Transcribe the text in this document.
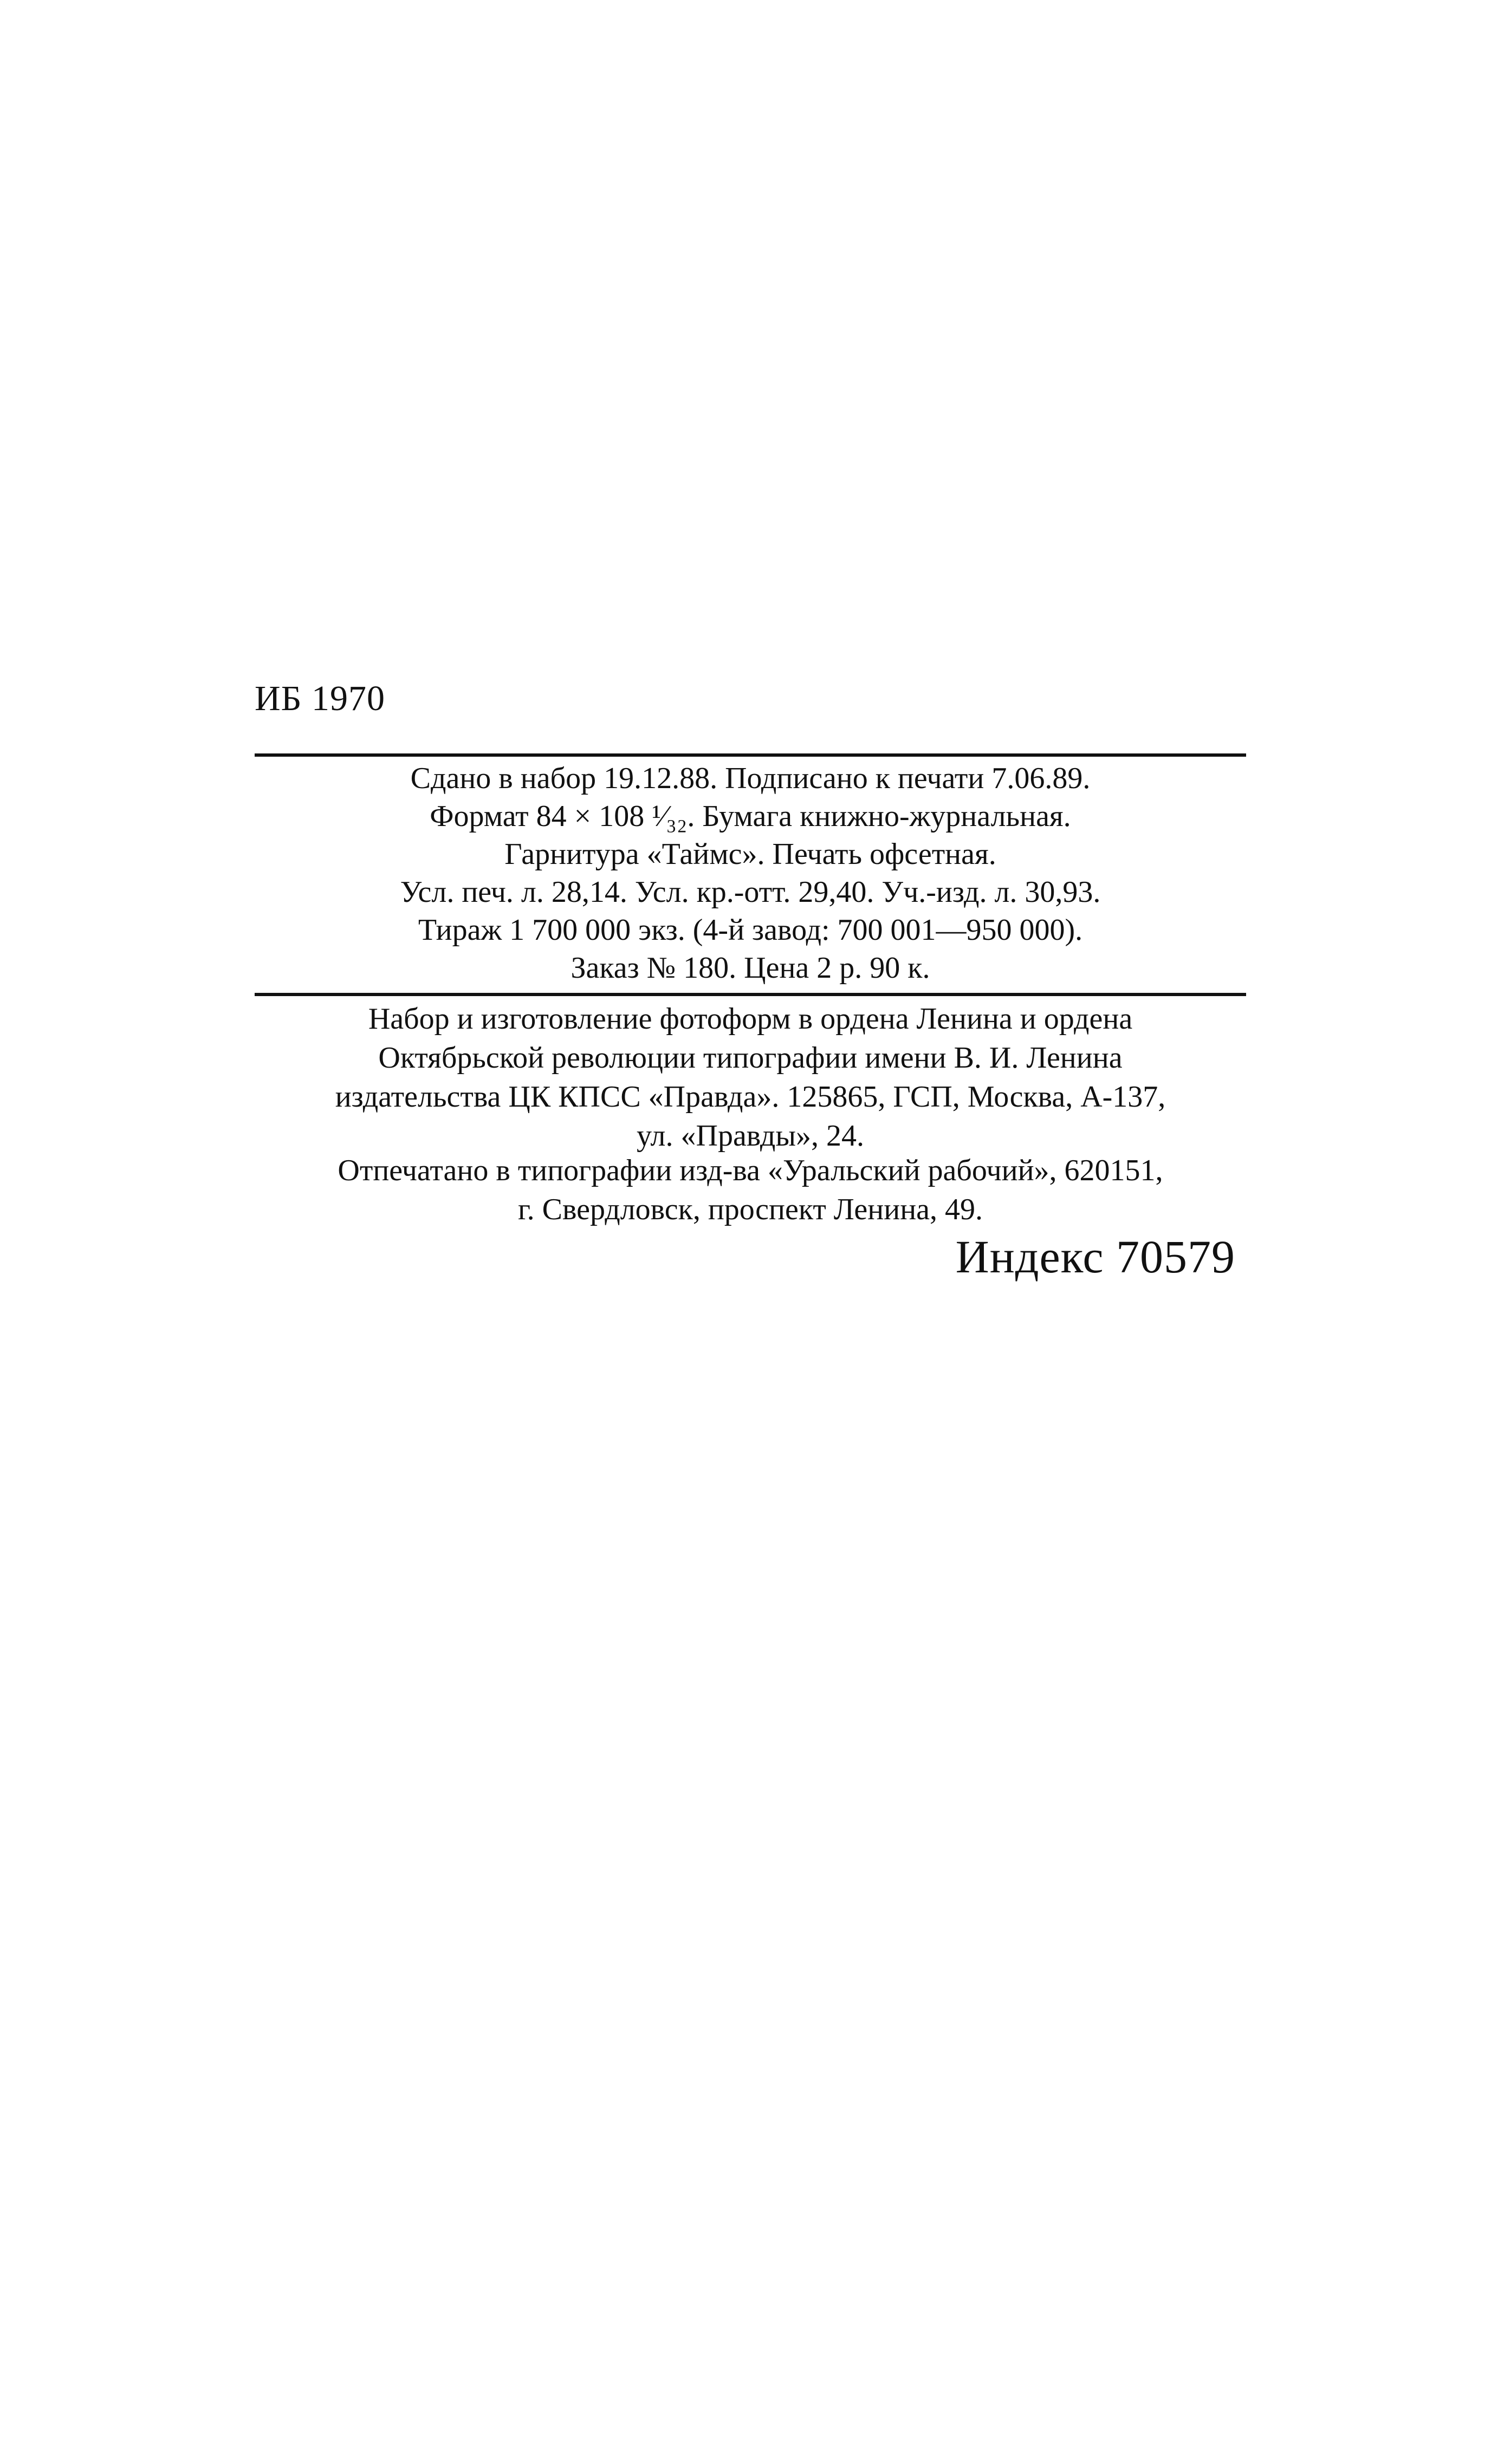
ИБ 1970
Сдано в набор 19.12.88. Подписано к печати 7.06.89.
Формат 84 × 108 ¹⁄₃₂. Бумага книжно-журнальная.
Гарнитура «Таймс». Печать офсетная.
Усл. печ. л. 28,14. Усл. кр.-отт. 29,40. Уч.-изд. л. 30,93.
Тираж 1 700 000 экз. (4-й завод: 700 001—950 000).
Заказ № 180. Цена 2 р. 90 к.
Набор и изготовление фотоформ в ордена Ленина и ордена
Октябрьской революции типографии имени В. И. Ленина
издательства ЦК КПСС «Правда». 125865, ГСП, Москва, А-137,
ул. «Правды», 24.
Отпечатано в типографии изд-ва «Уральский рабочий», 620151,
г. Свердловск, проспект Ленина, 49.
Индекс 70579
